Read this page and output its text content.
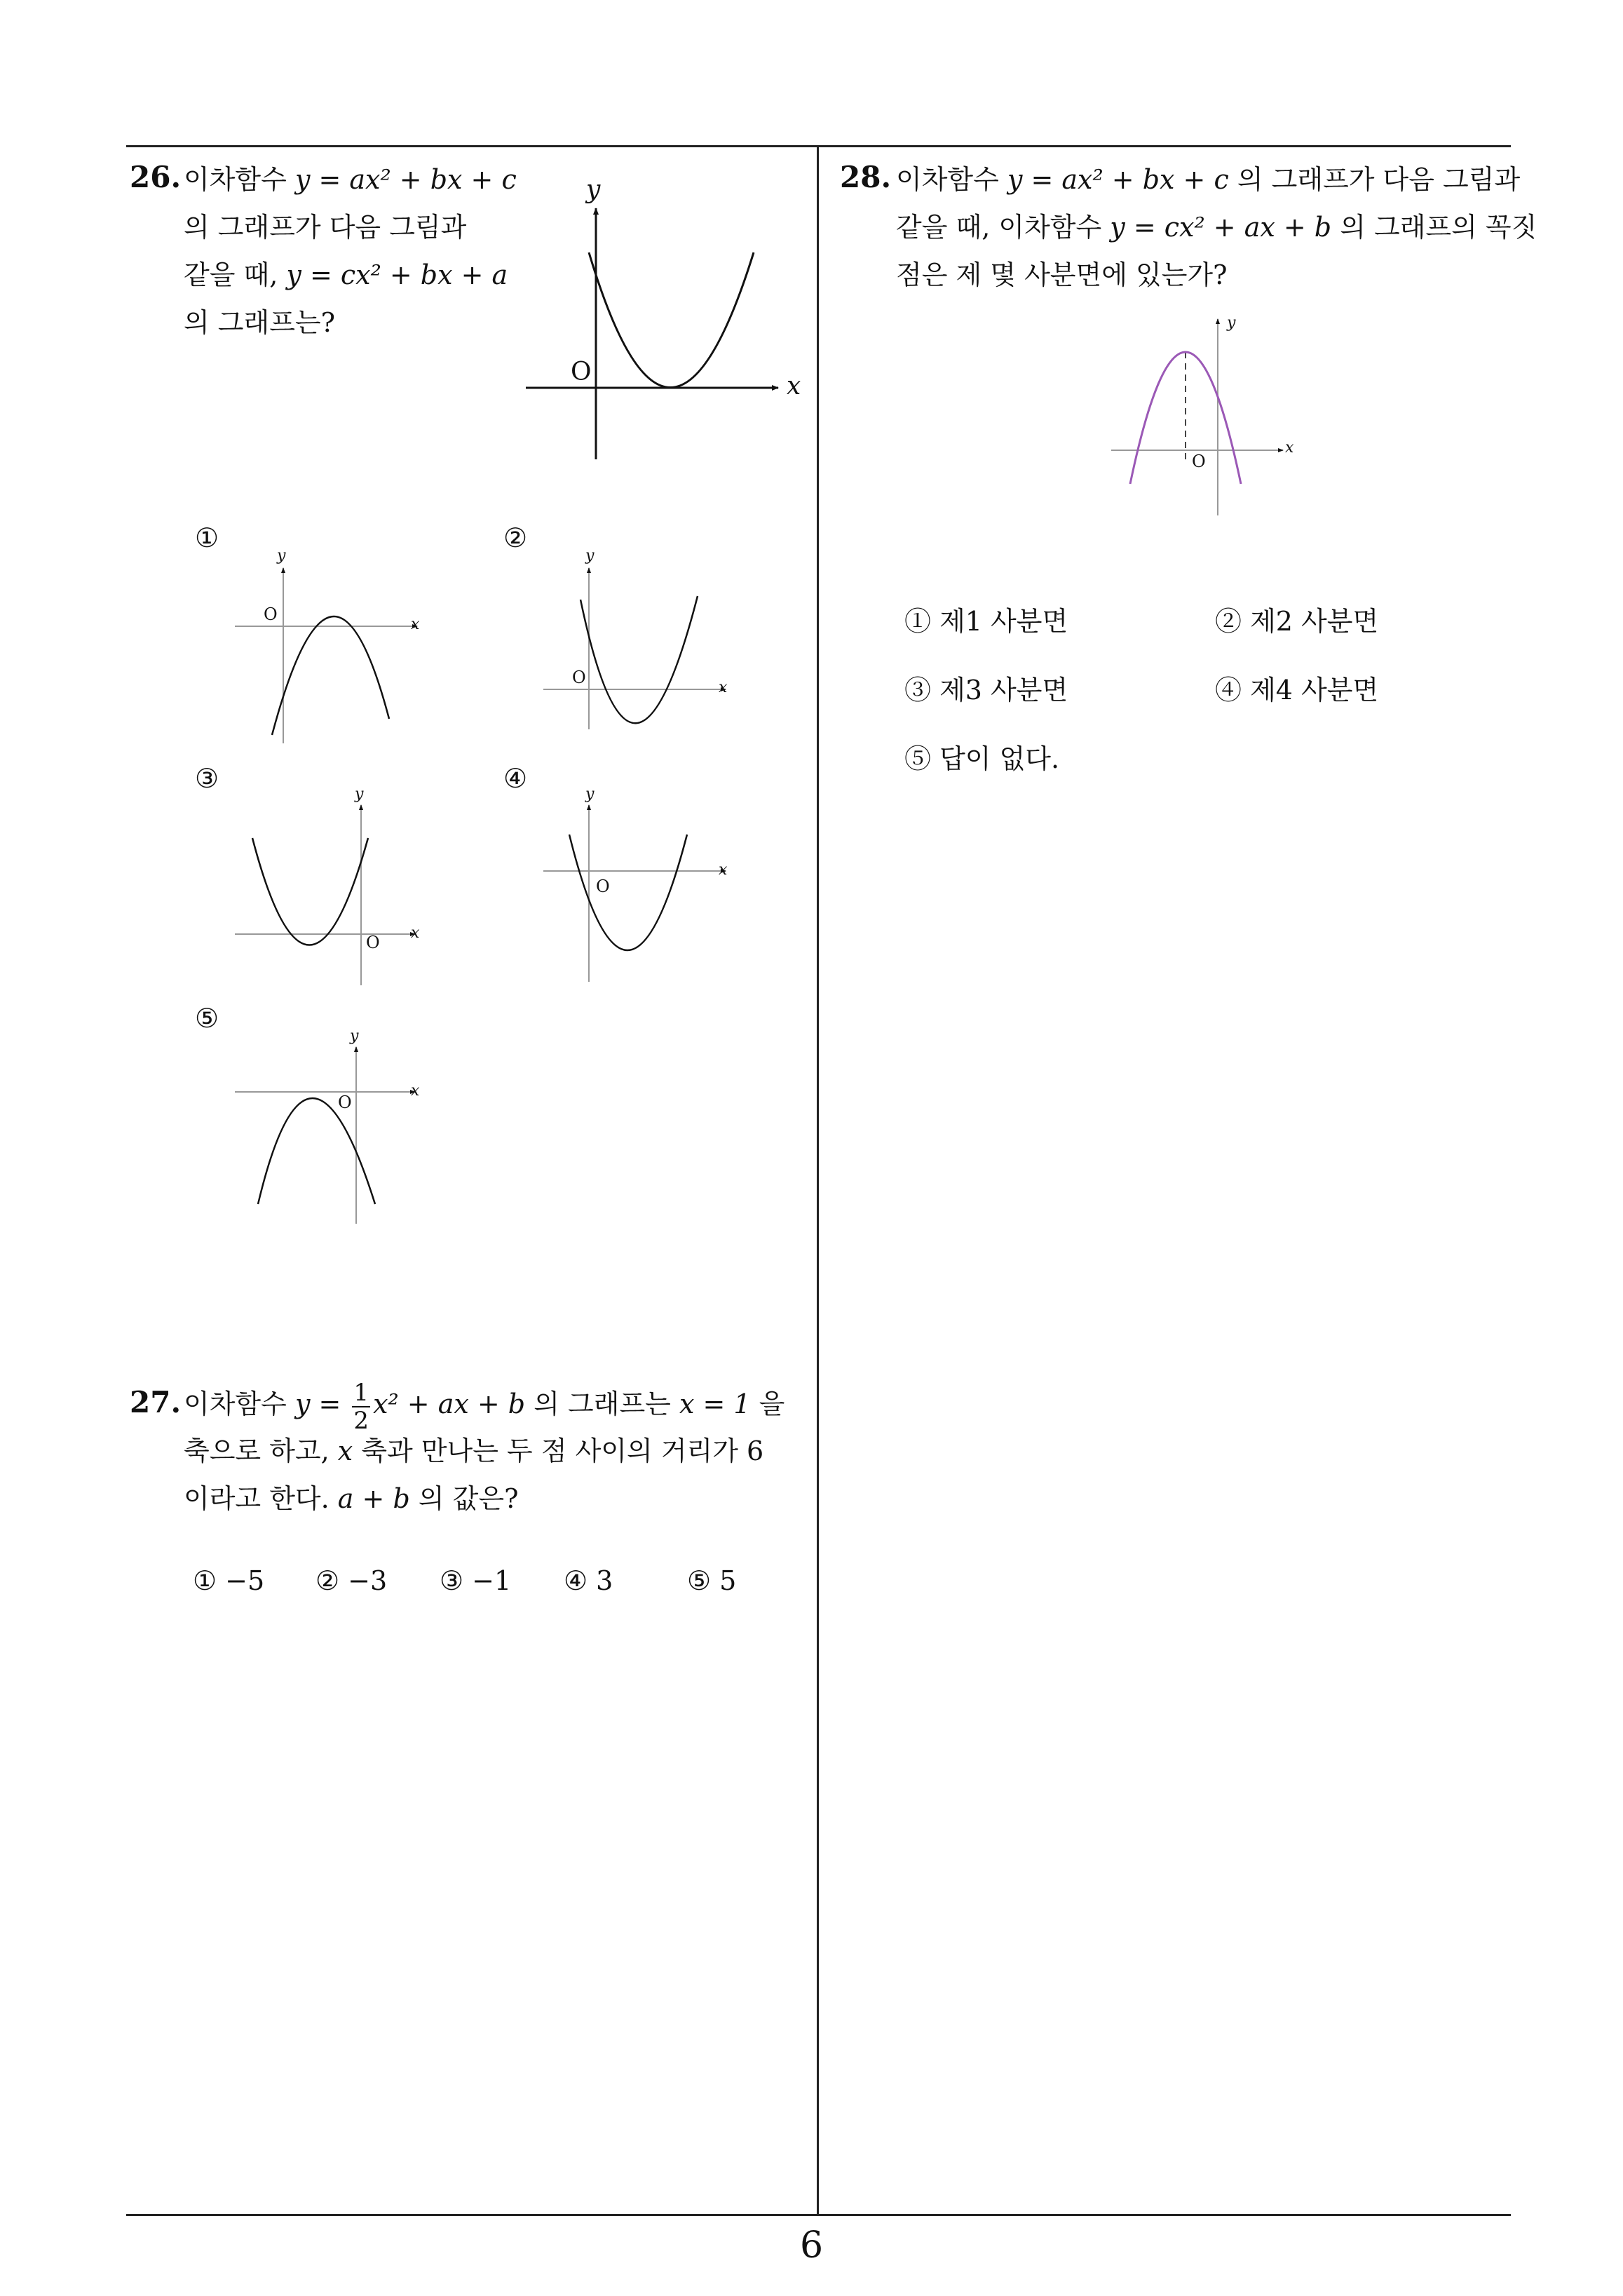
26. 이차함수 y = ax² + bx + c
의 그래프가 다음 그림과
같을 때, y = cx² + bx + a
의 그래프는?
y
x
O
①	②
③	④
⑤
y
x
O
y
x
O
y
x
O
y
x
O
y
x
O
27. 이차함수 $y = \frac{1}{2} x^2$ + ax + b 의 그래프는 x = 1 을
축으로 하고, x 축과 만나는 두 점 사이의 거리가 6
이라고 한다. a + b 의 값은?
① −5 ② −3 ③ −1 ④ 3	⑤ 5
28. 이차함수 y = ax² + bx + c 의 그래프가 다음 그림과
같을 때, 이차함수 y = cx² + ax + b 의 그래프의 꼭짓
점은 제 몇 사분면에 있는가?
y
x
O
① 제1 사분면	② 제2 사분면
③ 제3 사분면	④ 제4 사분면
⑤ 답이 없다.
6
